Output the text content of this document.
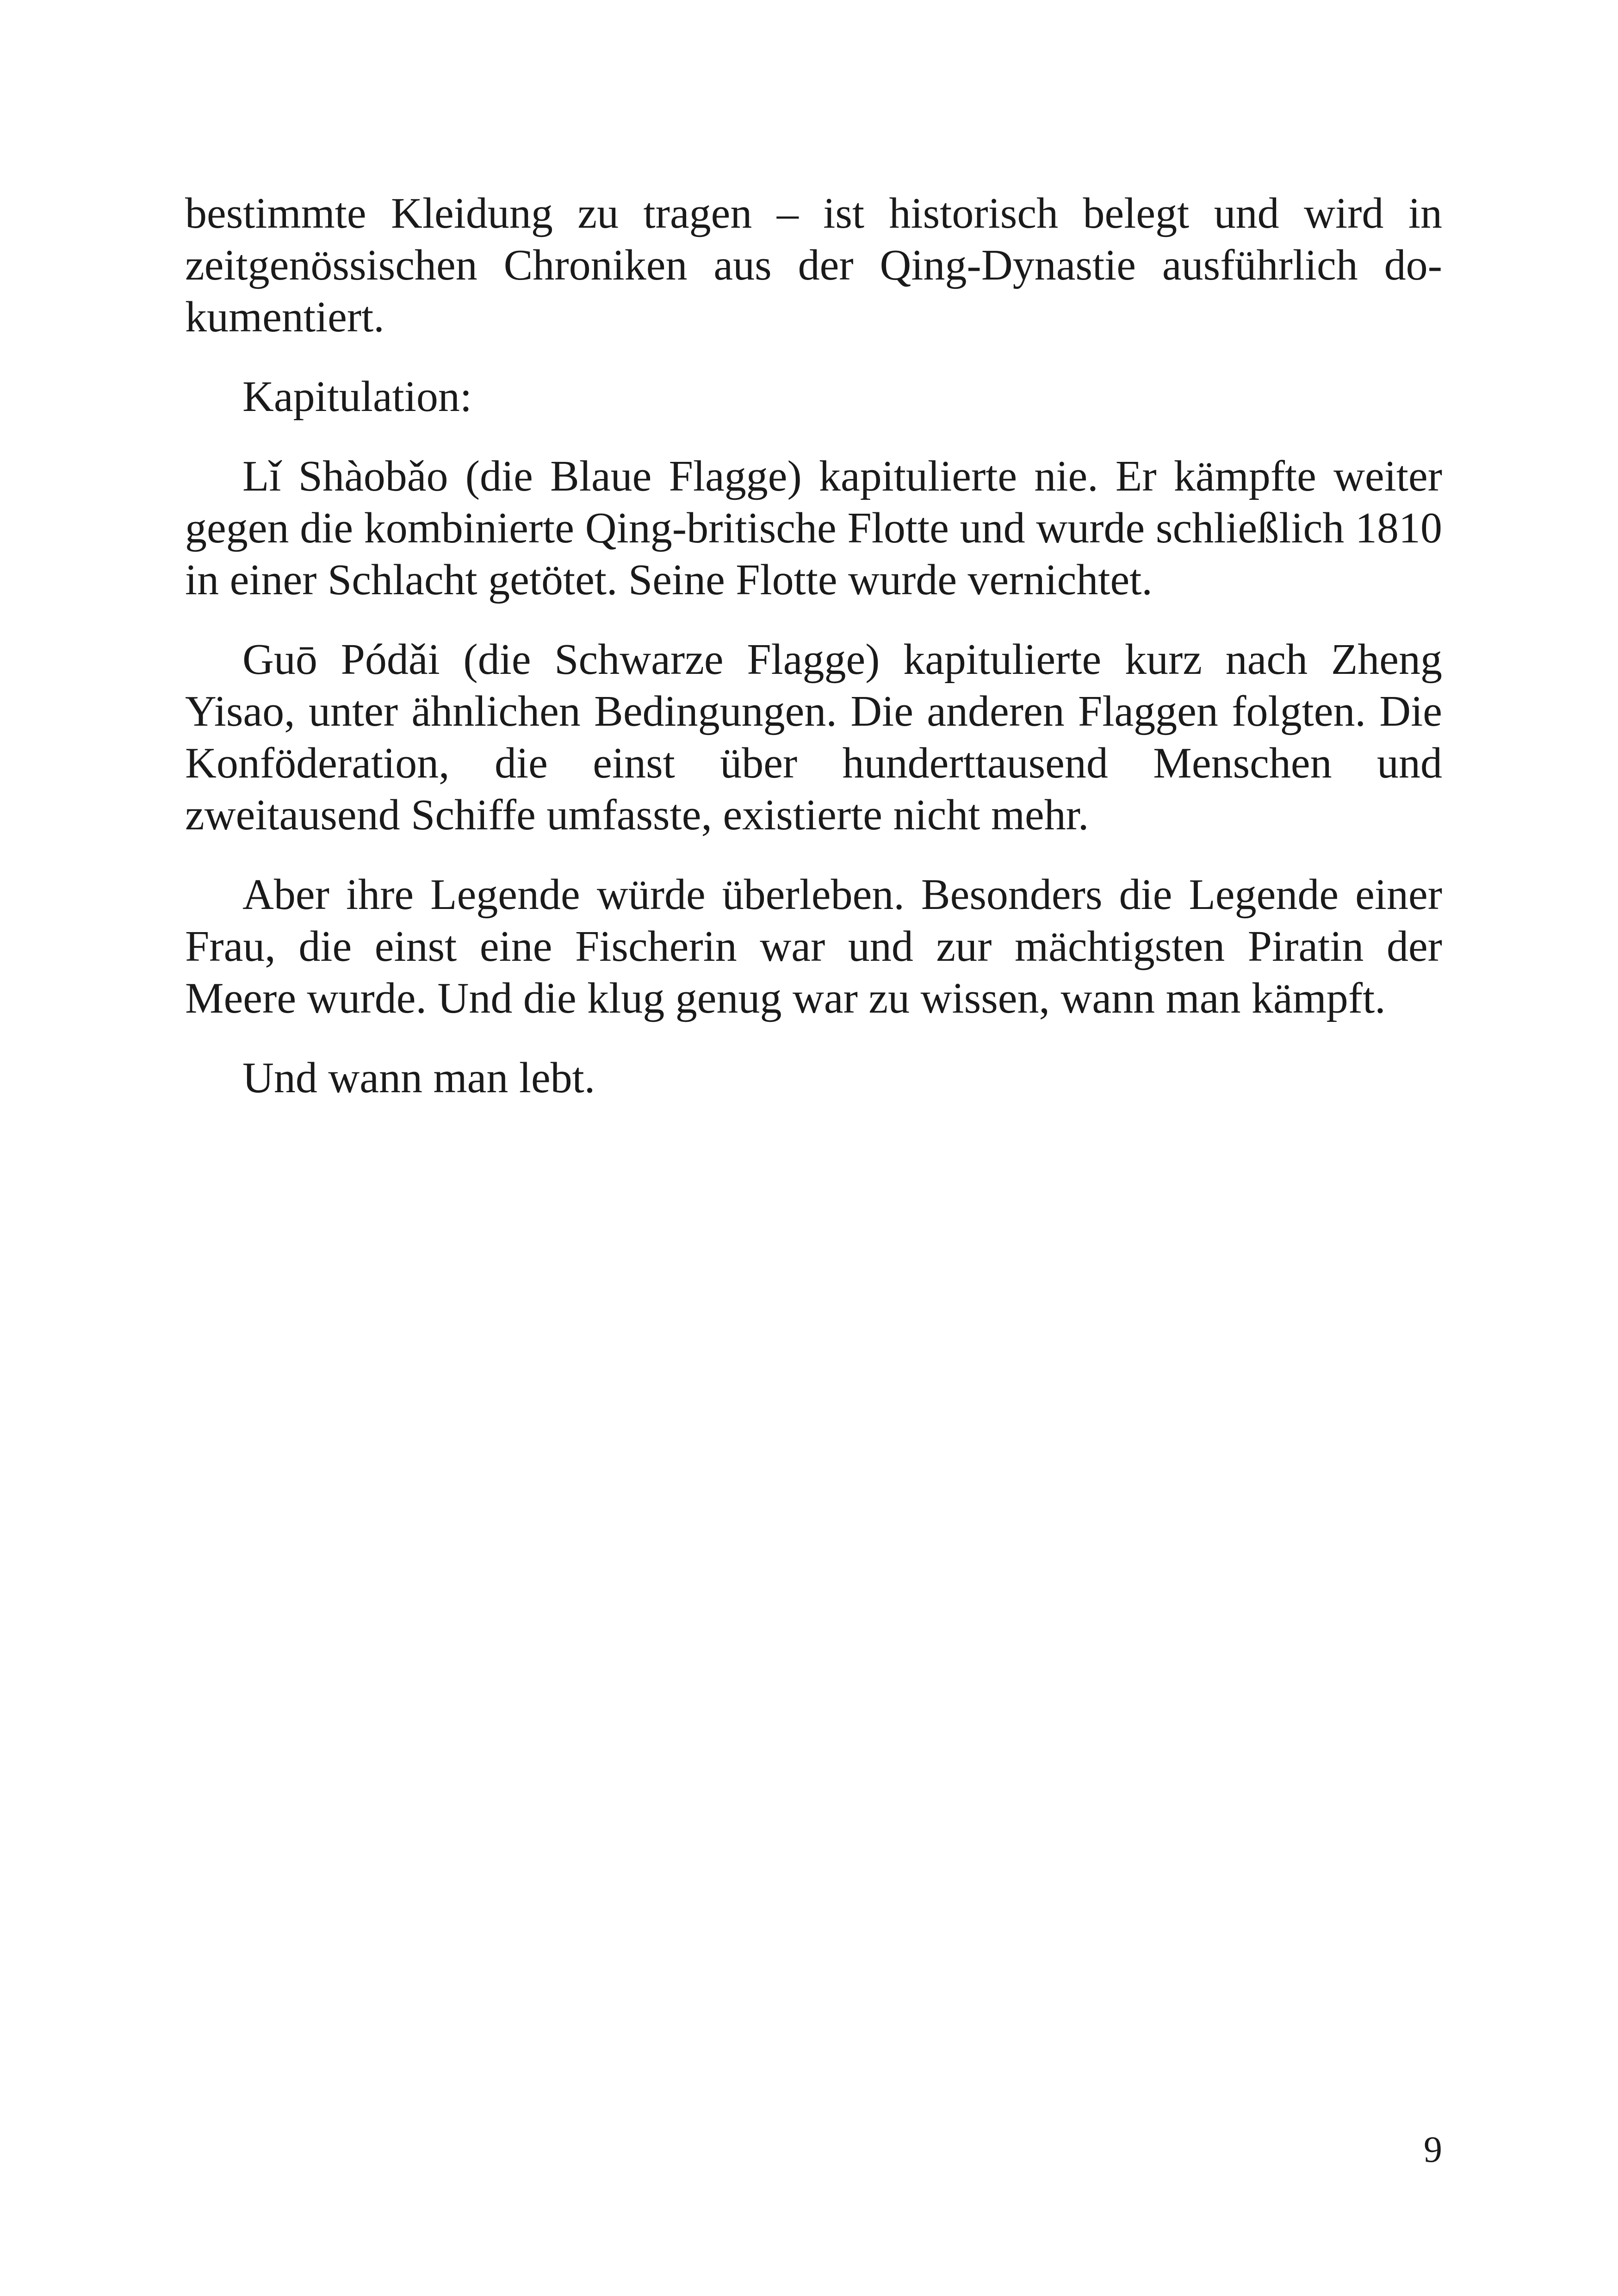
bestimmte Kleidung zu tragen – ist historisch belegt und wird in zeitgenössischen Chroniken aus der Qing-Dynastie ausführlich dokumentiert.

Kapitulation:

Lǐ Shàobǎo (die Blaue Flagge) kapitulierte nie. Er kämpfte weiter gegen die kombinierte Qing-britische Flotte und wurde schließlich 1810 in einer Schlacht getötet. Seine Flotte wurde vernichtet.

Guō Pódǎi (die Schwarze Flagge) kapitulierte kurz nach Zheng Yisao, unter ähnlichen Bedingungen. Die anderen Flaggen folgten. Die Konföderation, die einst über hunderttausend Menschen und zweitausend Schiffe umfasste, existierte nicht mehr.

Aber ihre Legende würde überleben. Besonders die Legende einer Frau, die einst eine Fischerin war und zur mächtigsten Piratin der Meere wurde. Und die klug genug war zu wissen, wann man kämpft.

Und wann man lebt.

9
